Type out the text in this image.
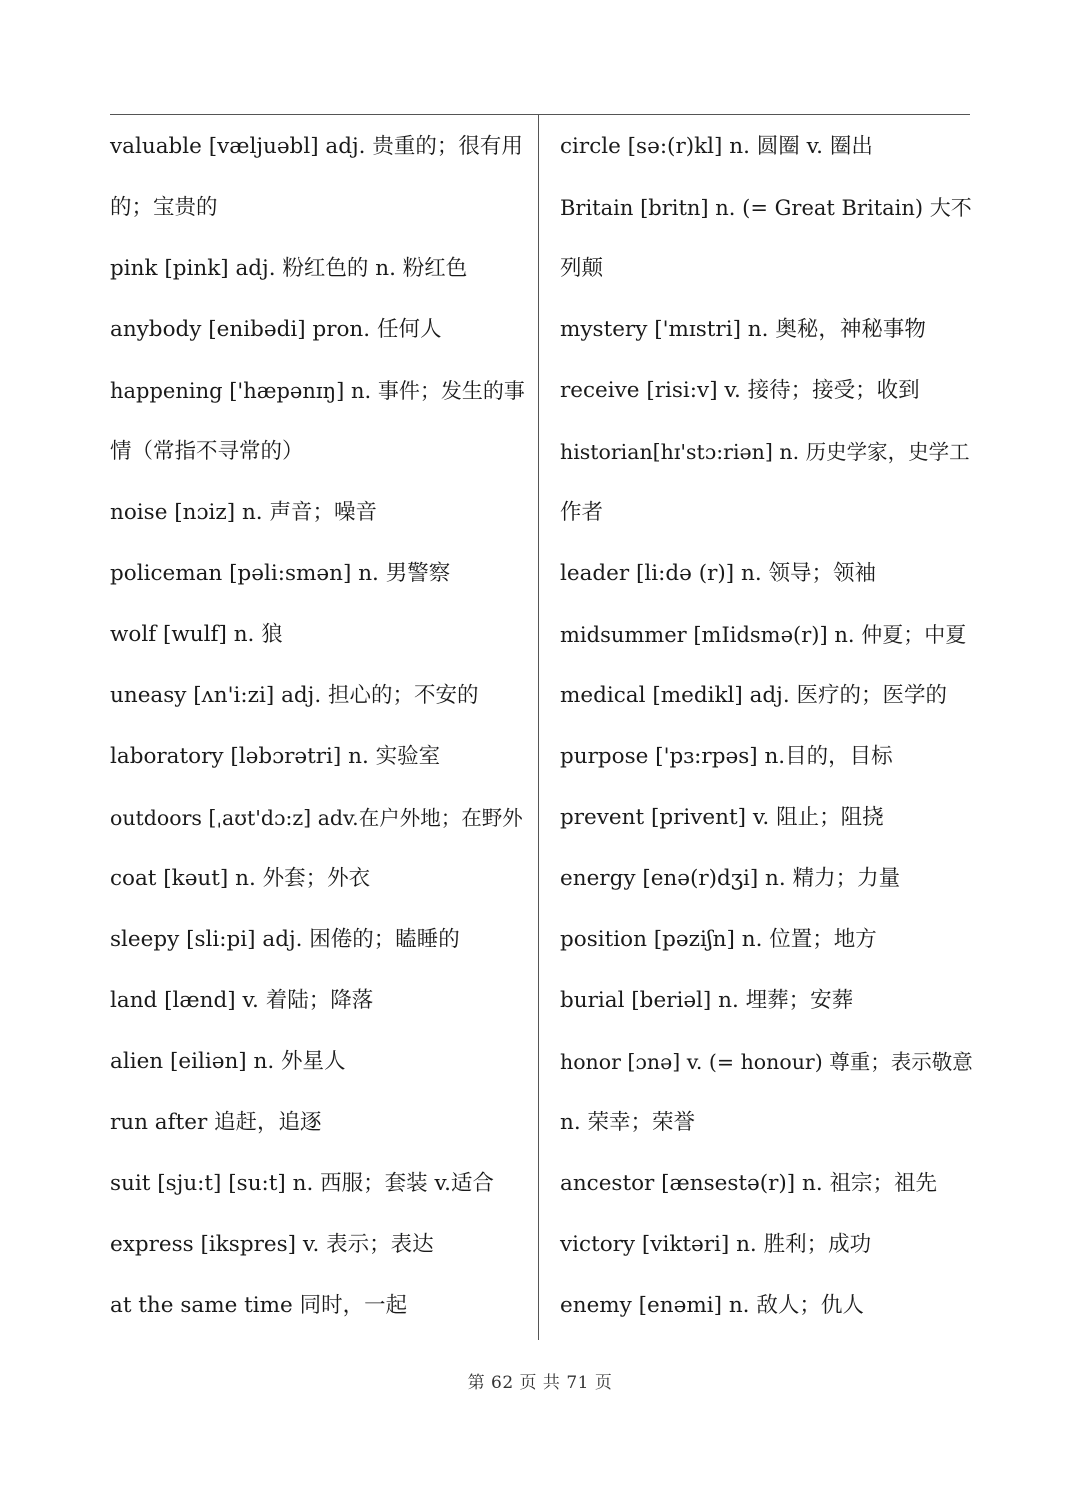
valuable [væljuəbl] adj. 贵重的；很有用
的；宝贵的
pink [pink] adj. 粉红色的 n. 粉红色
anybody [enibədi] pron. 任何人
happening ['hæpənɪŋ] n. 事件；发生的事
情（常指不寻常的）
noise [nɔiz] n. 声音；噪音
policeman [pəli:smən] n. 男警察
wolf [wulf] n. 狼
uneasy [ʌn'i:zi] adj. 担心的；不安的
laboratory [ləbɔrətri] n. 实验室
outdoors [ˌaʊt'dɔ:z] adv.在户外地；在野外
coat [kəut] n. 外套；外衣
sleepy [sli:pi] adj. 困倦的；瞌睡的
land [lænd] v. 着陆；降落
alien [eiliən] n. 外星人
run after 追赶，追逐
suit [sju:t] [su:t] n. 西服；套装 v.适合
express [ikspres] v. 表示；表达
at the same time 同时，一起
circle [sə:(r)kl] n. 圆圈 v. 圈出
Britain [britn] n. (= Great Britain) 大不
列颠
mystery ['mɪstri] n. 奥秘，神秘事物
receive [risi:v] v. 接待；接受；收到
historian[hɪ'stɔ:riən] n. 历史学家，史学工
作者
leader [li:də (r)] n. 领导；领袖
midsummer [mIidsmə(r)] n. 仲夏；中夏
medical [medikl] adj. 医疗的；医学的
purpose ['pɜ:rpəs] n.目的，目标
prevent [privent] v. 阻止；阻挠
energy [enə(r)dʒi] n. 精力；力量
position [pəziʃn] n. 位置；地方
burial [beriəl] n. 埋葬；安葬
honor [ɔnə] v. (= honour) 尊重；表示敬意
n. 荣幸；荣誉
ancestor [ænsestə(r)] n. 祖宗；祖先
victory [viktəri] n. 胜利；成功
enemy [enəmi] n. 敌人；仇人
第 62 页 共 71 页
